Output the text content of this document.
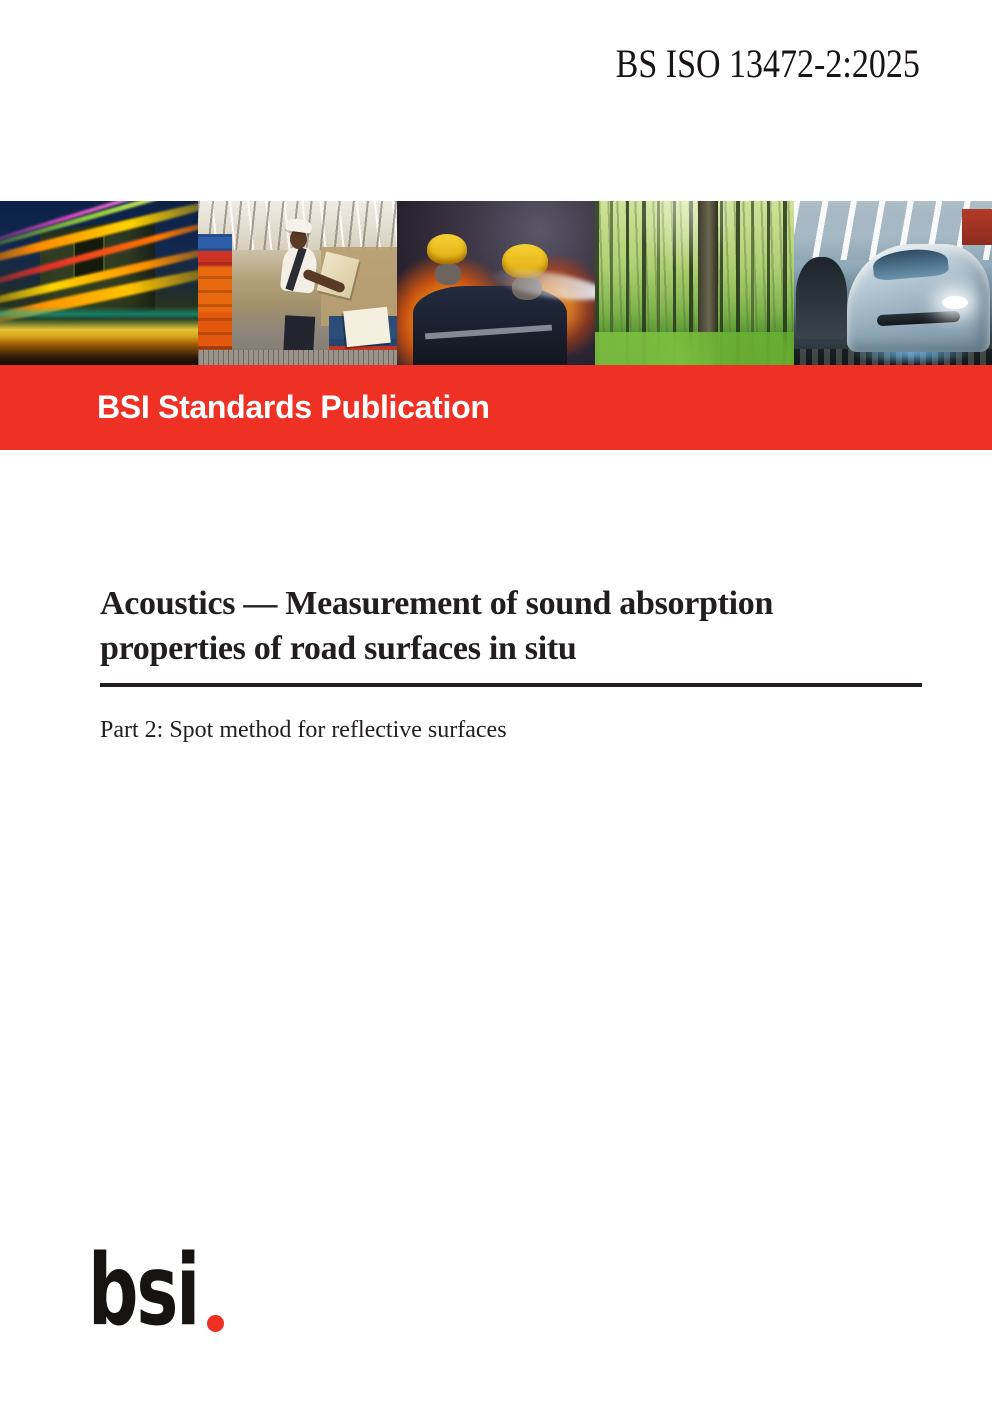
BS ISO 13472-2:2025
BSI Standards Publication
Acoustics — Measurement of sound absorption
properties of road surfaces in situ
Part 2: Spot method for reflective surfaces
bsi
